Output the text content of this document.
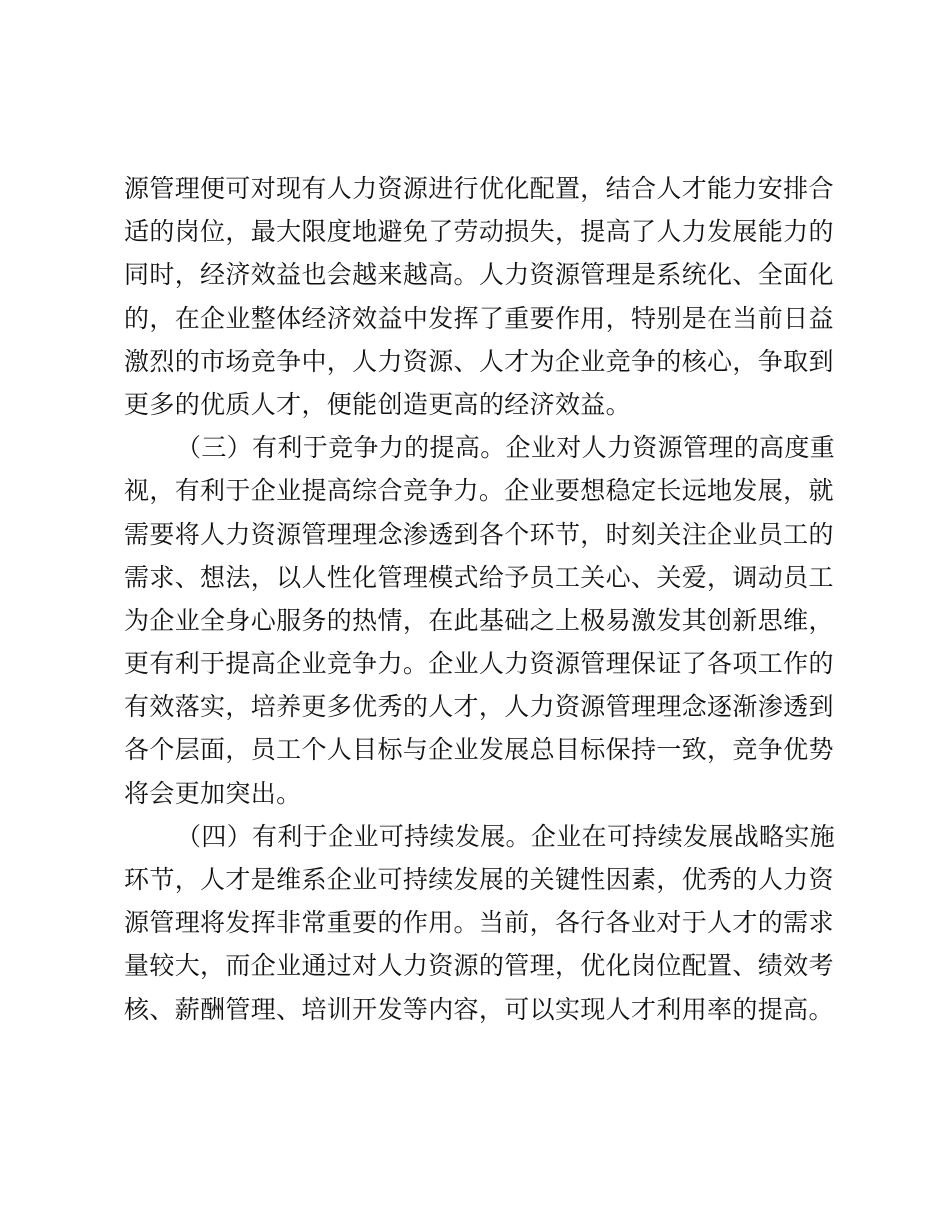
源管理便可对现有人力资源进行优化配置，结合人才能力安排合
适的岗位，最大限度地避免了劳动损失，提高了人力发展能力的
同时，经济效益也会越来越高。人力资源管理是系统化、全面化
的，在企业整体经济效益中发挥了重要作用，特别是在当前日益
激烈的市场竞争中，人力资源、人才为企业竞争的核心，争取到
更多的优质人才，便能创造更高的经济效益。
（三）有利于竞争力的提高。企业对人力资源管理的高度重
视，有利于企业提高综合竞争力。企业要想稳定长远地发展，就
需要将人力资源管理理念渗透到各个环节，时刻关注企业员工的
需求、想法，以人性化管理模式给予员工关心、关爱，调动员工
为企业全身心服务的热情，在此基础之上极易激发其创新思维，
更有利于提高企业竞争力。企业人力资源管理保证了各项工作的
有效落实，培养更多优秀的人才，人力资源管理理念逐渐渗透到
各个层面，员工个人目标与企业发展总目标保持一致，竞争优势
将会更加突出。
（四）有利于企业可持续发展。企业在可持续发展战略实施
环节，人才是维系企业可持续发展的关键性因素，优秀的人力资
源管理将发挥非常重要的作用。当前，各行各业对于人才的需求
量较大，而企业通过对人力资源的管理，优化岗位配置、绩效考
核、薪酬管理、培训开发等内容，可以实现人才利用率的提高。
